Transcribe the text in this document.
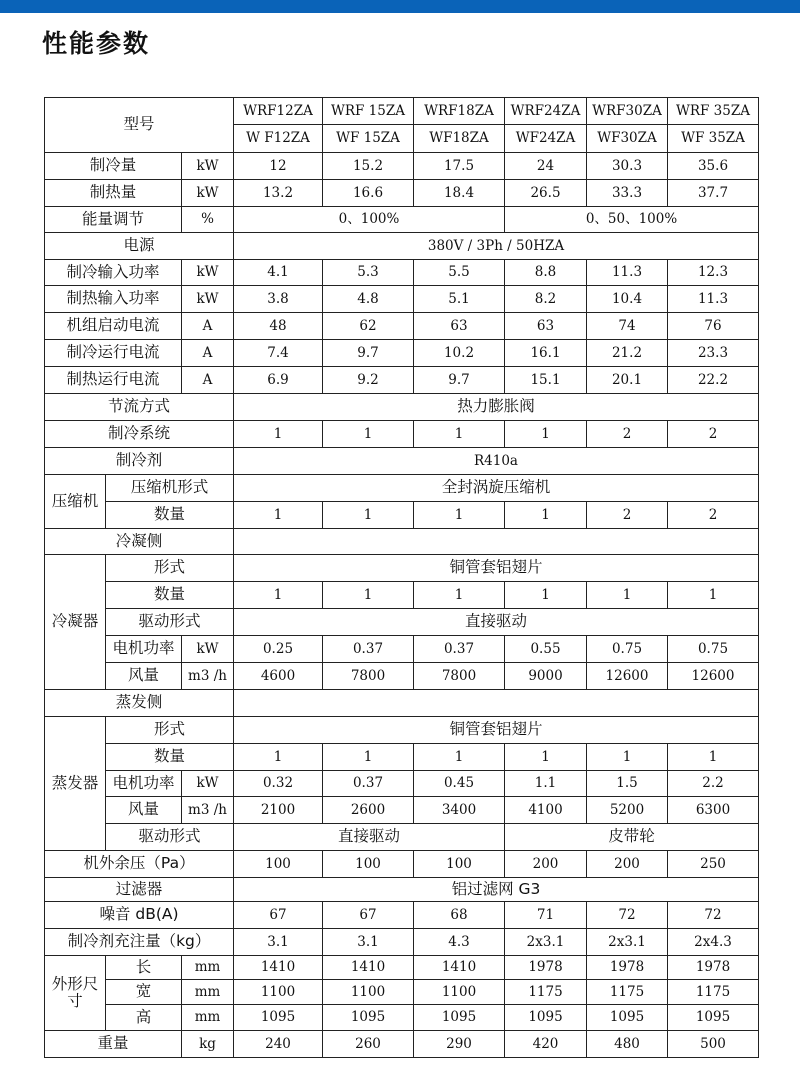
性能参数
型号			WRF12ZA	WRF 15ZA	WRF18ZA	WRF24ZA	WRF30ZA	WRF 35ZA
			W F12ZA	WF 15ZA	WF18ZA	WF24ZA	WF30ZA	WF 35ZA
制冷量		kW	12	15.2	17.5	24	30.3	35.6
制热量		kW	13.2	16.6	18.4	26.5	33.3	37.7
能量调节		%	0、100%			0、50、100%		
电源			380V / 3Ph / 50HZA					
制冷输入功率		kW	4.1	5.3	5.5	8.8	11.3	12.3
制热输入功率		kW	3.8	4.8	5.1	8.2	10.4	11.3
机组启动电流		A	48	62	63	63	74	76
制冷运行电流		A	7.4	9.7	10.2	16.1	21.2	23.3
制热运行电流		A	6.9	9.2	9.7	15.1	20.1	22.2
节流方式			热力膨胀阀					
制冷系统			1	1	1	1	2	2
制冷剂			R410a					
压缩机	压缩机形式		全封涡旋压缩机					
	数量		1	1	1	1	2	2
冷凝侧								
冷凝器	形式		铜管套铝翅片					
	数量		1	1	1	1	1	1
	驱动形式		直接驱动					
	电机功率	kW	0.25	0.37	0.37	0.55	0.75	0.75
	风量	m3 /h	4600	7800	7800	9000	12600	12600
蒸发侧								
蒸发器	形式		铜管套铝翅片					
	数量		1	1	1	1	1	1
	电机功率	kW	0.32	0.37	0.45	1.1	1.5	2.2
	风量	m3 /h	2100	2600	3400	4100	5200	6300
	驱动形式		直接驱动			皮带轮		
机外余压（Pa）			100	100	100	200	200	250
过滤器			铝过滤网 G3					
噪音 dB(A)			67	67	68	71	72	72
制冷剂充注量（kg）			3.1	3.1	4.3	2x3.1	2x3.1	2x4.3
外形尺寸	长	mm	1410	1410	1410	1978	1978	1978
	宽	mm	1100	1100	1100	1175	1175	1175
	高	mm	1095	1095	1095	1095	1095	1095
重量		kg	240	260	290	420	480	500
